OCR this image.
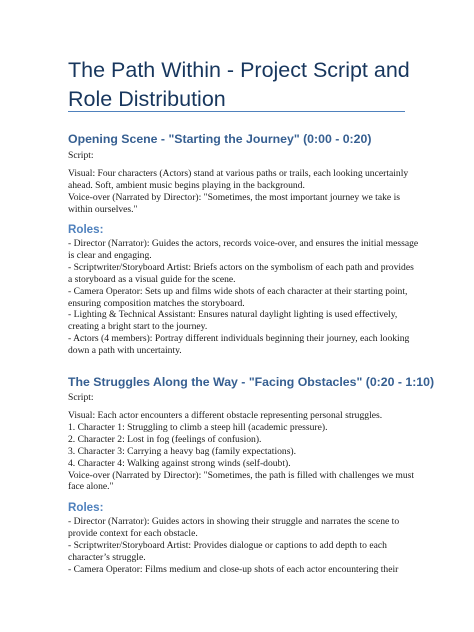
The Path Within - Project Script and
Role Distribution
Opening Scene - "Starting the Journey" (0:00 - 0:20)

Script:

Visual: Four characters (Actors) stand at various paths or trails, each looking uncertainly
ahead. Soft, ambient music begins playing in the background.
Voice-over (Narrated by Director): "Sometimes, the most important journey we take is
within ourselves."
Roles:
- Director (Narrator): Guides the actors, records voice-over, and ensures the initial message
is clear and engaging.
- Scriptwriter/Storyboard Artist: Briefs actors on the symbolism of each path and provides
a storyboard as a visual guide for the scene.
- Camera Operator: Sets up and films wide shots of each character at their starting point,
ensuring composition matches the storyboard.
- Lighting & Technical Assistant: Ensures natural daylight lighting is used effectively,
creating a bright start to the journey.
- Actors (4 members): Portray different individuals beginning their journey, each looking
down a path with uncertainty.
The Struggles Along the Way - "Facing Obstacles" (0:20 - 1:10)

Script:

Visual: Each actor encounters a different obstacle representing personal struggles.
1. Character 1: Struggling to climb a steep hill (academic pressure).
2. Character 2: Lost in fog (feelings of confusion).
3. Character 3: Carrying a heavy bag (family expectations).
4. Character 4: Walking against strong winds (self-doubt).
Voice-over (Narrated by Director): "Sometimes, the path is filled with challenges we must
face alone."
Roles:
- Director (Narrator): Guides actors in showing their struggle and narrates the scene to
provide context for each obstacle.
- Scriptwriter/Storyboard Artist: Provides dialogue or captions to add depth to each
character’s struggle.
- Camera Operator: Films medium and close-up shots of each actor encountering their
